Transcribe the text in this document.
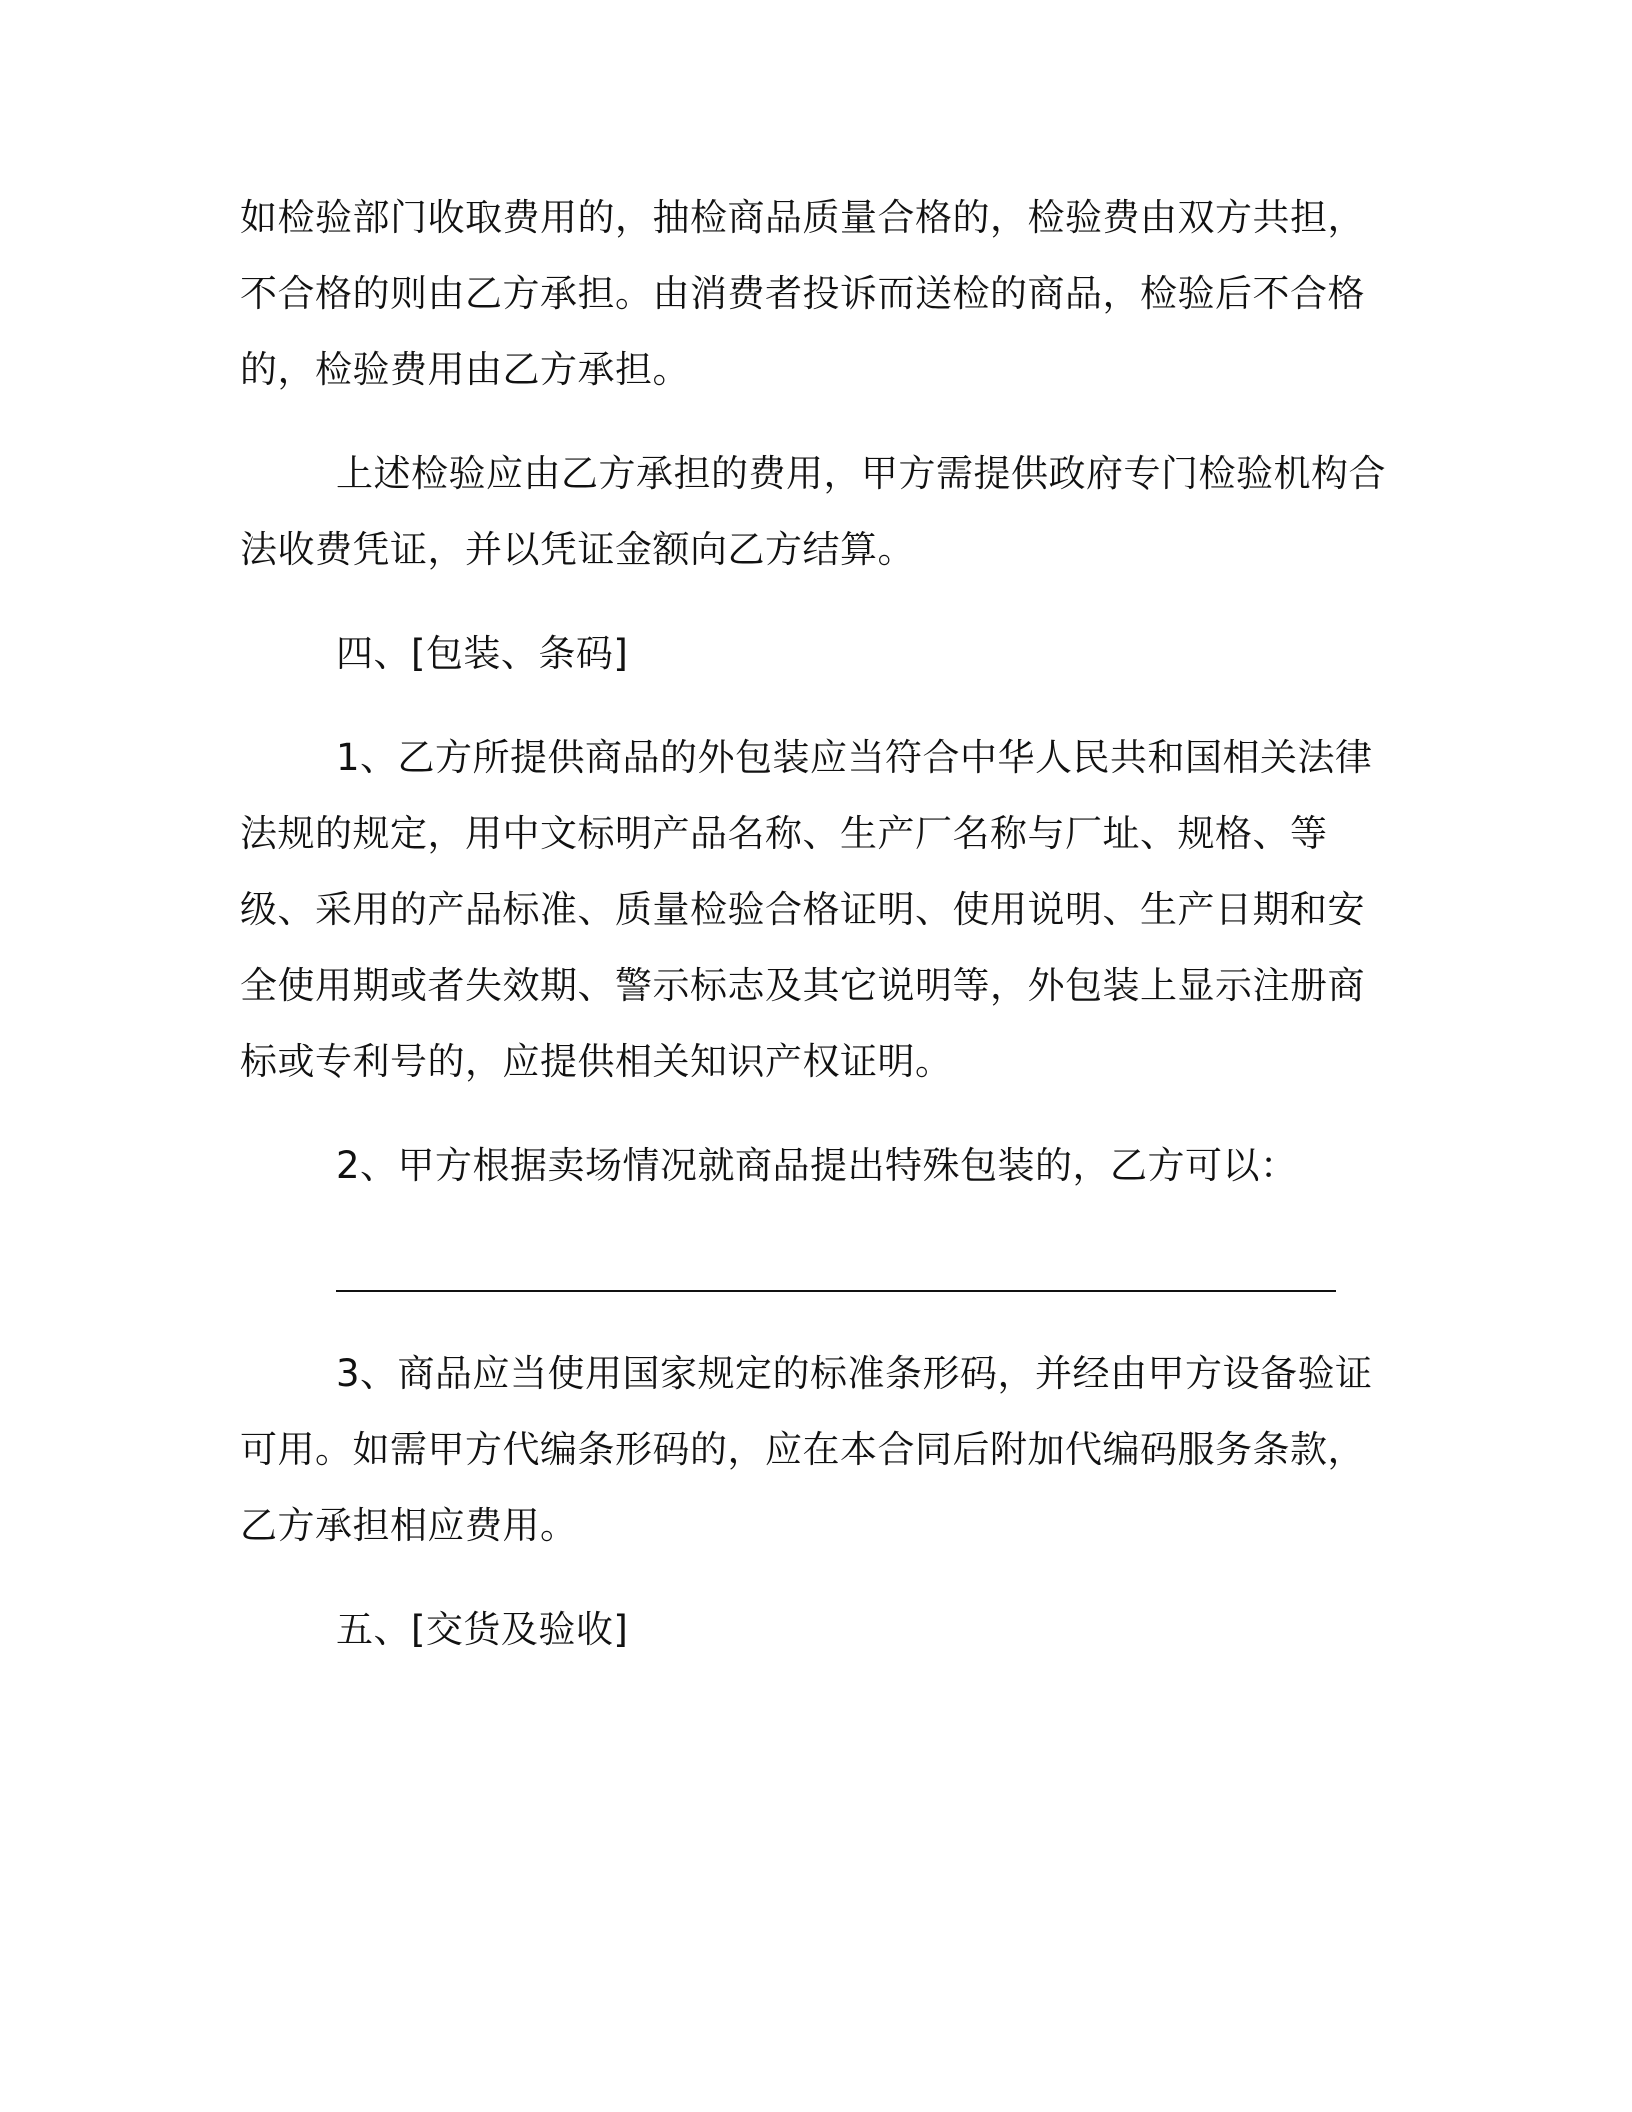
如检验部门收取费用的，抽检商品质量合格的，检验费由双方共担，
不合格的则由乙方承担。由消费者投诉而送检的商品，检验后不合格
的，检验费用由乙方承担。
上述检验应由乙方承担的费用，甲方需提供政府专门检验机构合
法收费凭证，并以凭证金额向乙方结算。
四、[包装、条码]
1、乙方所提供商品的外包装应当符合中华人民共和国相关法律
法规的规定，用中文标明产品名称、生产厂名称与厂址、规格、等
级、采用的产品标准、质量检验合格证明、使用说明、生产日期和安
全使用期或者失效期、警示标志及其它说明等，外包装上显示注册商
标或专利号的，应提供相关知识产权证明。
2、甲方根据卖场情况就商品提出特殊包装的，乙方可以：
3、商品应当使用国家规定的标准条形码，并经由甲方设备验证
可用。如需甲方代编条形码的，应在本合同后附加代编码服务条款，
乙方承担相应费用。
五、[交货及验收]
